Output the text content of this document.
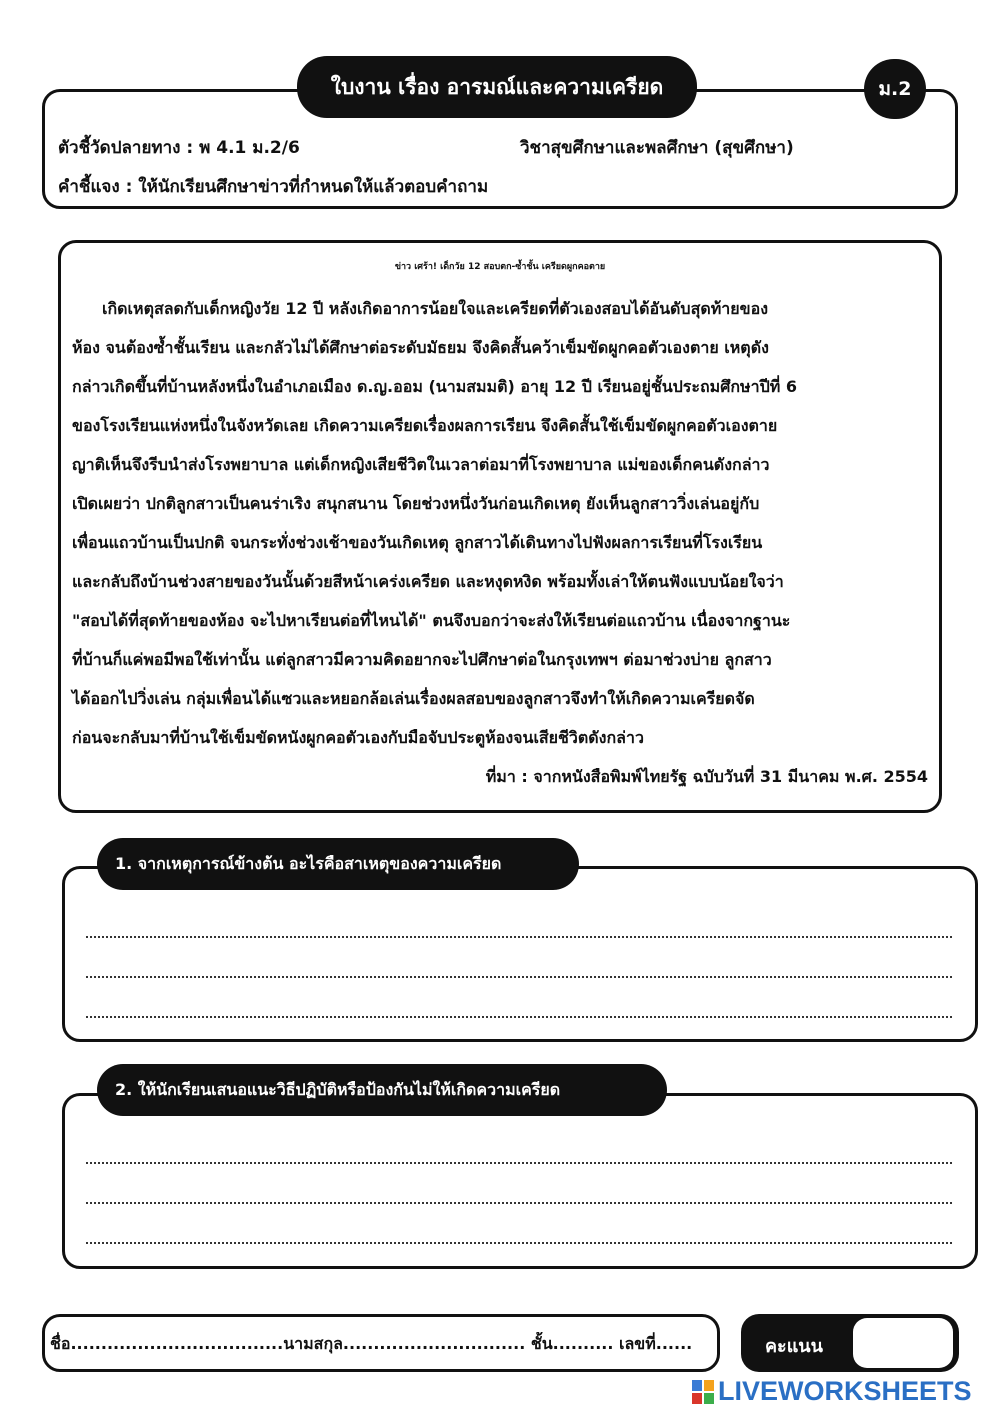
ใบงาน เรื่อง อารมณ์และความเครียด	ม.2
ตัวชี้วัดปลายทาง : พ 4.1 ม.2/6	วิชาสุขศึกษาและพลศึกษา (สุขศึกษา)
คำชี้แจง : ให้นักเรียนศึกษาข่าวที่กำหนดให้แล้วตอบคำถาม
ข่าว เศร้า! เด็กวัย 12 สอบตก-ซ้ำชั้น เครียดผูกคอตาย
เกิดเหตุสลดกับเด็กหญิงวัย 12 ปี หลังเกิดอาการน้อยใจและเครียดที่ตัวเองสอบได้อันดับสุดท้ายของ
ห้อง จนต้องซ้ำชั้นเรียน และกลัวไม่ได้ศึกษาต่อระดับมัธยม จึงคิดสั้นคว้าเข็มขัดผูกคอตัวเองตาย เหตุดัง
กล่าวเกิดขึ้นที่บ้านหลังหนึ่งในอำเภอเมือง ด.ญ.ออม (นามสมมติ) อายุ 12 ปี เรียนอยู่ชั้นประถมศึกษาปีที่ 6
ของโรงเรียนแห่งหนึ่งในจังหวัดเลย เกิดความเครียดเรื่องผลการเรียน จึงคิดสั้นใช้เข็มขัดผูกคอตัวเองตาย
ญาติเห็นจึงรีบนำส่งโรงพยาบาล แต่เด็กหญิงเสียชีวิตในเวลาต่อมาที่โรงพยาบาล แม่ของเด็กคนดังกล่าว
เปิดเผยว่า ปกติลูกสาวเป็นคนร่าเริง สนุกสนาน โดยช่วงหนึ่งวันก่อนเกิดเหตุ ยังเห็นลูกสาววิ่งเล่นอยู่กับ
เพื่อนแถวบ้านเป็นปกติ จนกระทั่งช่วงเช้าของวันเกิดเหตุ ลูกสาวได้เดินทางไปฟังผลการเรียนที่โรงเรียน
และกลับถึงบ้านช่วงสายของวันนั้นด้วยสีหน้าเคร่งเครียด และหงุดหงิด พร้อมทั้งเล่าให้ตนฟังแบบน้อยใจว่า
"สอบได้ที่สุดท้ายของห้อง จะไปหาเรียนต่อที่ไหนได้" ตนจึงบอกว่าจะส่งให้เรียนต่อแถวบ้าน เนื่องจากฐานะ
ที่บ้านก็แค่พอมีพอใช้เท่านั้น แต่ลูกสาวมีความคิดอยากจะไปศึกษาต่อในกรุงเทพฯ ต่อมาช่วงบ่าย ลูกสาว
ได้ออกไปวิ่งเล่น กลุ่มเพื่อนได้แซวและหยอกล้อเล่นเรื่องผลสอบของลูกสาวจึงทำให้เกิดความเครียดจัด
ก่อนจะกลับมาที่บ้านใช้เข็มขัดหนังผูกคอตัวเองกับมือจับประตูห้องจนเสียชีวิตดังกล่าว
ที่มา : จากหนังสือพิมพ์ไทยรัฐ ฉบับวันที่ 31 มีนาคม พ.ศ. 2554
1. จากเหตุการณ์ข้างต้น อะไรคือสาเหตุของความเครียด
2. ให้นักเรียนเสนอแนะวิธีปฏิบัติหรือป้องกันไม่ให้เกิดความเครียด
ชื่อ...................................นามสกุล.............................. ชั้น.......... เลขที่......	คะแนน
LIVEWORKSHEETS
